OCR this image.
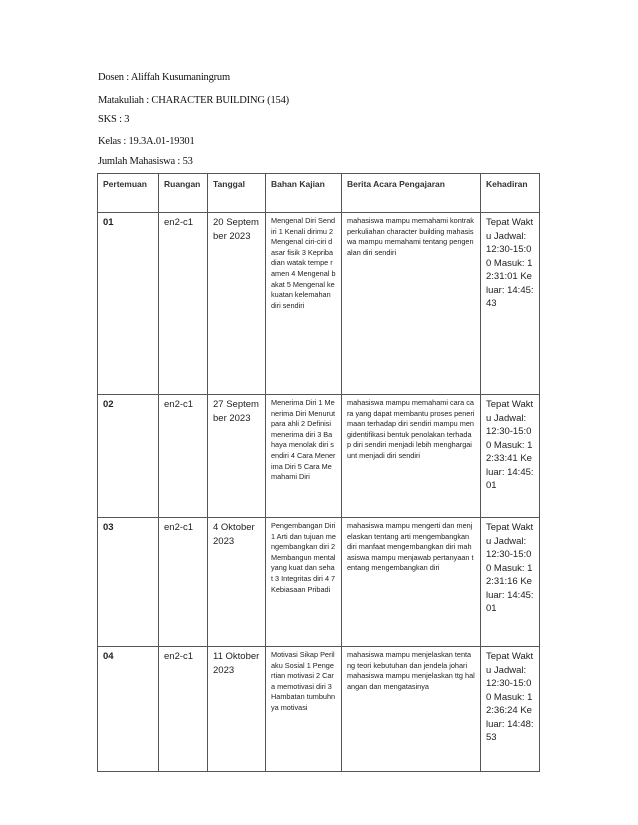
Dosen : Aliffah Kusumaningrum
Matakuliah : CHARACTER BUILDING (154)
SKS : 3
Kelas : 19.3A.01-19301
Jumlah Mahasiswa : 53
Pertemuan	Ruangan	Tanggal	Bahan Kajian	Berita Acara Pengajaran	Kehadiran
01	en2-c1	20 September 2023	Mengenal Diri Sendiri 1 Kenali dirimu 2 Mengenal ciri-ciri dasar fisik 3 Kepribadian watak tempe ramen 4 Mengenal bakat 5 Mengenal kekuatan kelemahan diri sendiri	mahasiswa mampu memahami kontrak perkuliahan character building mahasiswa mampu memahami tentang pengenalan diri sendiri	Tepat Waktu Jadwal: 12:30-15:00 Masuk: 12:31:01 Keluar: 14:45:43
02	en2-c1	27 September 2023	Menerima Diri 1 Menerima Diri Menurut para ahli 2 Definisi menerima diri 3 Bahaya menolak diri sendiri 4 Cara Menerima Diri 5 Cara Memahami Diri	mahasiswa mampu memahami cara cara yang dapat membantu proses penerimaan terhadap diri sendiri mampu mengidentifikasi bentuk penolakan terhadap diri sendiri menjadi lebih menghargai unt menjadi diri sendiri	Tepat Waktu Jadwal: 12:30-15:00 Masuk: 12:33:41 Keluar: 14:45:01
03	en2-c1	4 Oktober 2023	Pengembangan Diri 1 Arti dan tujuan mengembangkan diri 2 Membangun mental yang kuat dan sehat 3 Integritas diri 4 7 Kebiasaan Pribadi	mahasiswa mampu mengerti dan menjelaskan tentang arti mengembangkan diri manfaat mengembangkan diri mahasiswa mampu menjawab pertanyaan tentang mengembangkan diri	Tepat Waktu Jadwal: 12:30-15:00 Masuk: 12:31:16 Keluar: 14:45:01
04	en2-c1	11 Oktober 2023	Motivasi Sikap Perilaku Sosial 1 Pengertian motivasi 2 Cara memotivasi diri 3 Hambatan tumbuhnya motivasi	mahasiswa mampu menjelaskan tentang teori kebutuhan dan jendela johari mahasiswa mampu menjelaskan ttg halangan dan mengatasinya	Tepat Waktu Jadwal: 12:30-15:00 Masuk: 12:36:24 Keluar: 14:48:53
